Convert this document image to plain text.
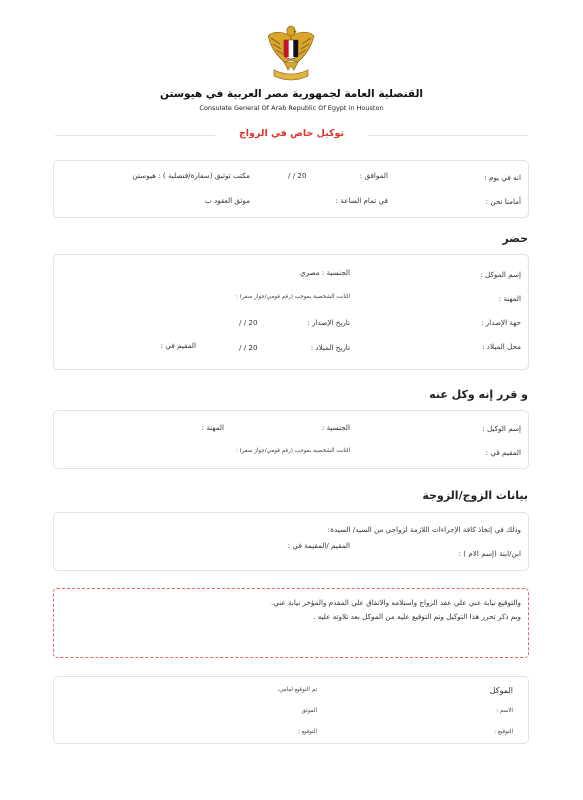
القنصلية العامة لجمهورية مصر العربية في هيوستن
Consulate General Of Arab Republic Of Egypt in Houston
توكيل خاص في الزواج
انه في يوم :
الموافق :
/ / 20
مكتب توثيق (سفارة/قنصلية ) : هيوستن
أمامنا نحن :
في تمام الساعة :
موثق العقود ب
حضر
إسم الموكل :
الجنسية : مصري
المهنة :
الثابت الشخصية بموجب (رقم قومي/جواز سفر) :
جهة الإصدار :
تاريخ الإصدار :
/ / 20
محل الميلاد :
تاريخ الميلاد :
/ / 20
المقيم في :
و قرر إنه وكل عنه
إسم الوكيل :
الجنسية :
المهنة :
المقيم في :
الثابت الشخصية بموجب (رقم قومي/جواز سفر) :
بيانات الزوج/الزوجة
وذلك في إتخاذ كافة الإجراءات اللازمة لزواجي من السيد/ السيدة:
المقيم /المقيمة في :
ابن/ابنة (إسم الام ) :
والتوقيع نيابة عني علي عقد الزواج واستلامه والاتفاق علي المقدم والمؤخر نيابة عني.
وبم ذكر تحرر هذا التوكيل وتم التوقيع عليه من الموكل بعد تلاوته عليه .
الموكل
تم التوقيع امامي،
الاسم :
الموثق
التوقيع :
التوقيع :
